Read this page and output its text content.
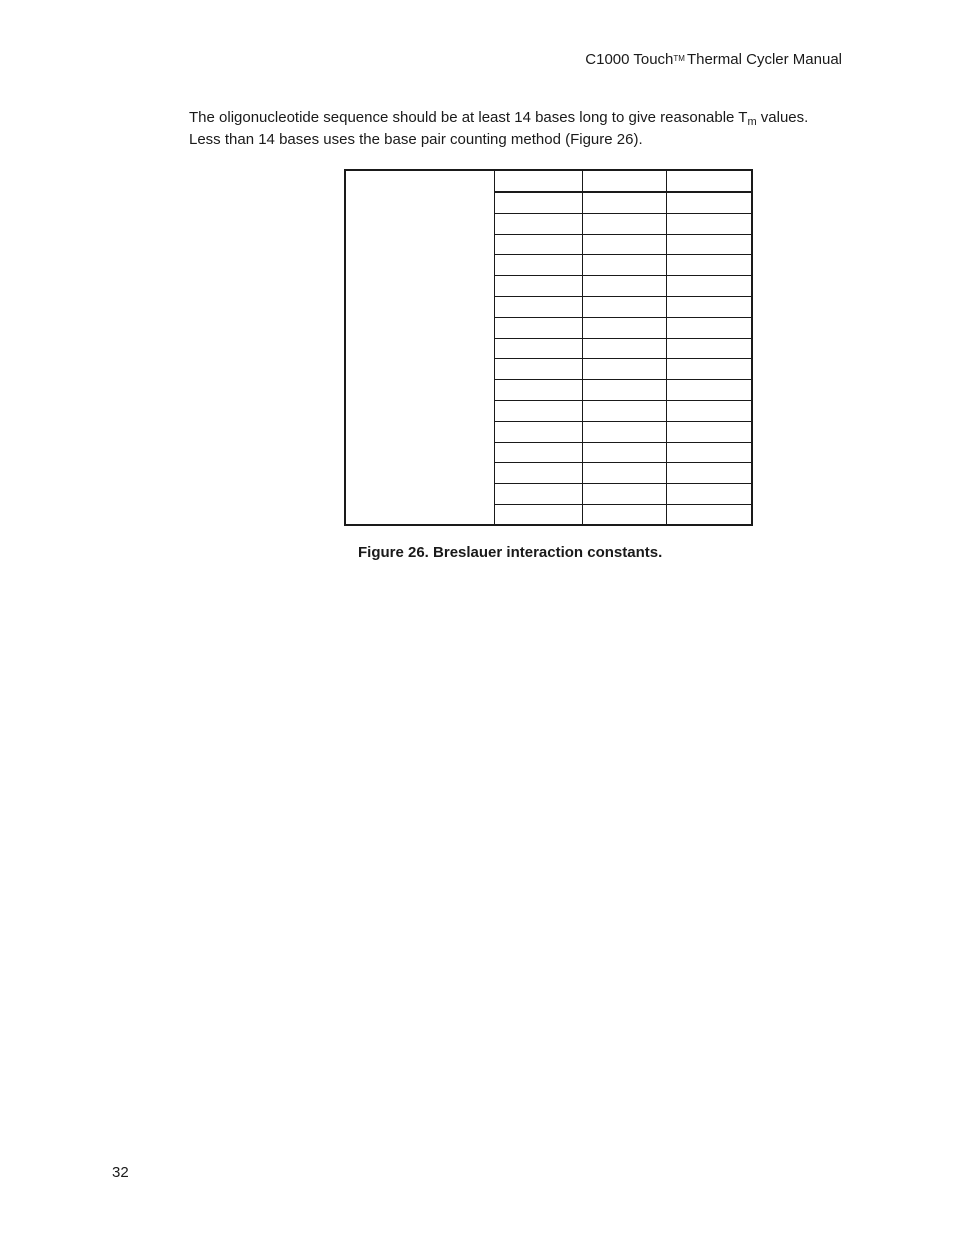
C1000 Touch™ Thermal Cycler Manual
The oligonucleotide sequence should be at least 14 bases long to give reasonable $T_m$ values.
Less than 14 bases uses the base pair counting method (Figure 26).

Figure 26. Breslauer interaction constants.
32
